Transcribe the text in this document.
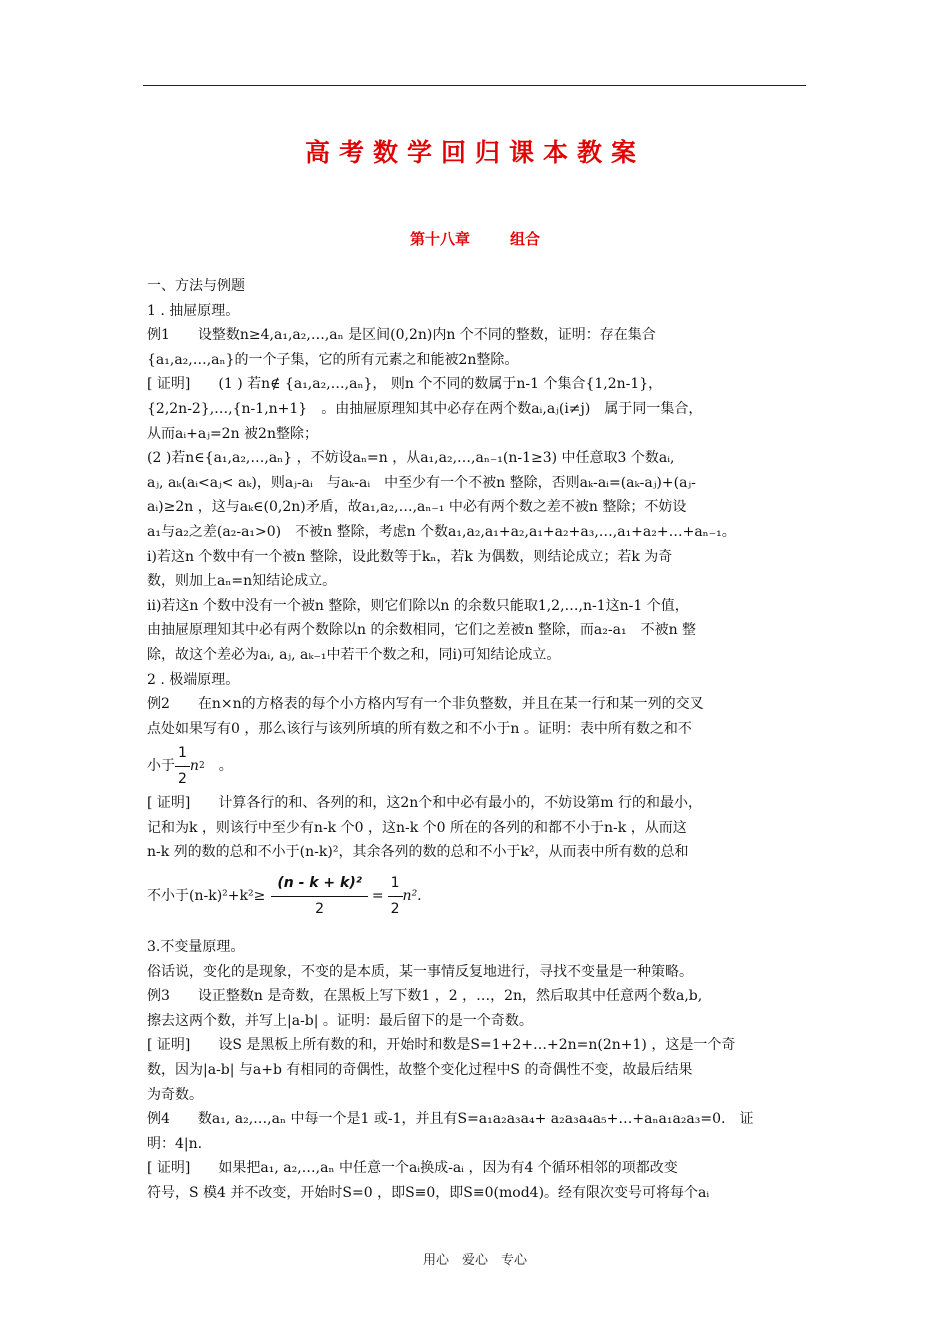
高考数学回归课本教案
第十八章	组合

一、方法与例题

1 . 抽屉原理。

例1　　设整数n≥4,a₁,a₂,…,aₙ 是区间(0,2n)内n 个不同的整数，证明：存在集合

{a₁,a₂,…,aₙ}的一个子集，它的所有元素之和能被2n整除。

[ 证明]　　(1 ) 若n∉ {a₁,a₂,…,aₙ}， 则n 个不同的数属于n-1 个集合{1,2n-1}，

{2,2n-2},…,{n-1,n+1}　。由抽屉原理知其中必存在两个数aᵢ,aⱼ(i≠j)　属于同一集合，

从而aᵢ+aⱼ=2n 被2n整除；

(2 )若n∈{a₁,a₂,…,aₙ} ，不妨设aₙ=n ，从a₁,a₂,…,aₙ₋₁(n-1≥3) 中任意取3 个数aᵢ,

aⱼ, aₖ(aᵢ<aⱼ< aₖ)，则aⱼ-aᵢ　与aₖ-aᵢ　中至少有一个不被n 整除，否则aₖ-aᵢ=(aₖ-aⱼ)+(aⱼ-

aᵢ)≥2n ，这与aₖ∈(0,2n)矛盾，故a₁,a₂,…,aₙ₋₁ 中必有两个数之差不被n 整除；不妨设

a₁与a₂之差(a₂-a₁>0)　不被n 整除，考虑n 个数a₁,a₂,a₁+a₂,a₁+a₂+a₃,…,a₁+a₂+…+aₙ₋₁。

ⅰ)若这n 个数中有一个被n 整除，设此数等于kₙ，若k 为偶数，则结论成立；若k 为奇

数，则加上aₙ=n知结论成立。

ⅱ)若这n 个数中没有一个被n 整除，则它们除以n 的余数只能取1,2,…,n-1这n-1 个值，

由抽屉原理知其中必有两个数除以n 的余数相同，它们之差被n 整除，而a₂-a₁　不被n 整

除，故这个差必为aᵢ, aⱼ, aₖ₋₁中若干个数之和，同ⅰ)可知结论成立。

2 . 极端原理。

例2　　在n×n的方格表的每个小方格内写有一个非负整数，并且在某一行和某一列的交叉

点处如果写有0 ，那么该行与该列所填的所有数之和不小于n 。证明：表中所有数之和不

小于 $\frac{1}{2}$ n 2 。

[ 证明]　　计算各行的和、各列的和，这2n个和中必有最小的，不妨设第m 行的和最小，

记和为k ，则该行中至少有n-k 个0 ，这n-k 个0 所在的各列的和都不小于n-k ，从而这

n-k 列的数的总和不小于(n-k)²，其余各列的数的总和不小于k²，从而表中所有数的总和

不小于$(n-k)^2+k^2\ge \frac{\text{(n - k + k)²}}{2} = \frac{1}{2} n^2$.

3.不变量原理。

俗话说，变化的是现象，不变的是本质，某一事情反复地进行，寻找不变量是一种策略。

例3　　设正整数n 是奇数，在黑板上写下数1 ，2 ，…，2n，然后取其中任意两个数a,b,

擦去这两个数，并写上|a-b| 。证明：最后留下的是一个奇数。

[ 证明]　　设S 是黑板上所有数的和，开始时和数是S=1+2+…+2n=n(2n+1) ，这是一个奇

数，因为|a-b| 与a+b 有相同的奇偶性，故整个变化过程中S 的奇偶性不变，故最后结果

为奇数。

例4　　数a₁, a₂,…,aₙ 中每一个是1 或-1，并且有S=a₁a₂a₃a₄+ a₂a₃a₄a₅+…+aₙa₁a₂a₃=0.　证

明：4|n.

[ 证明]　　如果把a₁, a₂,…,aₙ 中任意一个aᵢ换成-aᵢ ，因为有4 个循环相邻的项都改变

符号，S 模4 并不改变，开始时S=0 ，即S≡0，即S≡0(mod4)。经有限次变号可将每个aᵢ

用心　爱心　专心
